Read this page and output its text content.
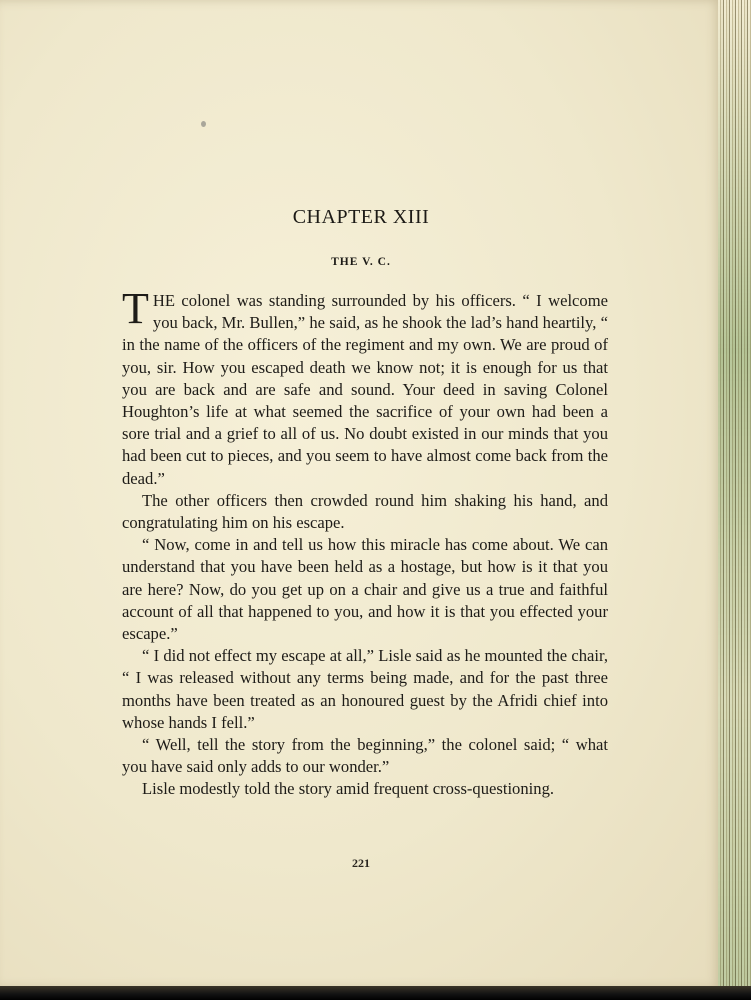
CHAPTER XIII
THE V. C.

THE colonel was standing surrounded by his officers. “ I welcome you back, Mr. Bullen,” he said, as he shook the lad’s hand heartily, “ in the name of the officers of the regiment and my own. We are proud of you, sir. How you escaped death we know not; it is enough for us that you are back and are safe and sound. Your deed in saving Colonel Houghton’s life at what seemed the sacrifice of your own had been a sore trial and a grief to all of us. No doubt existed in our minds that you had been cut to pieces, and you seem to have almost come back from the dead.”

The other officers then crowded round him shaking his hand, and congratulating him on his escape.

“ Now, come in and tell us how this miracle has come about. We can understand that you have been held as a hostage, but how is it that you are here? Now, do you get up on a chair and give us a true and faithful account of all that happened to you, and how it is that you effected your escape.”

“ I did not effect my escape at all,” Lisle said as he mounted the chair, “ I was released without any terms being made, and for the past three months have been treated as an honoured guest by the Afridi chief into whose hands I fell.”

“ Well, tell the story from the beginning,” the colonel said; “ what you have said only adds to our wonder.”

Lisle modestly told the story amid frequent cross-questioning.

221
